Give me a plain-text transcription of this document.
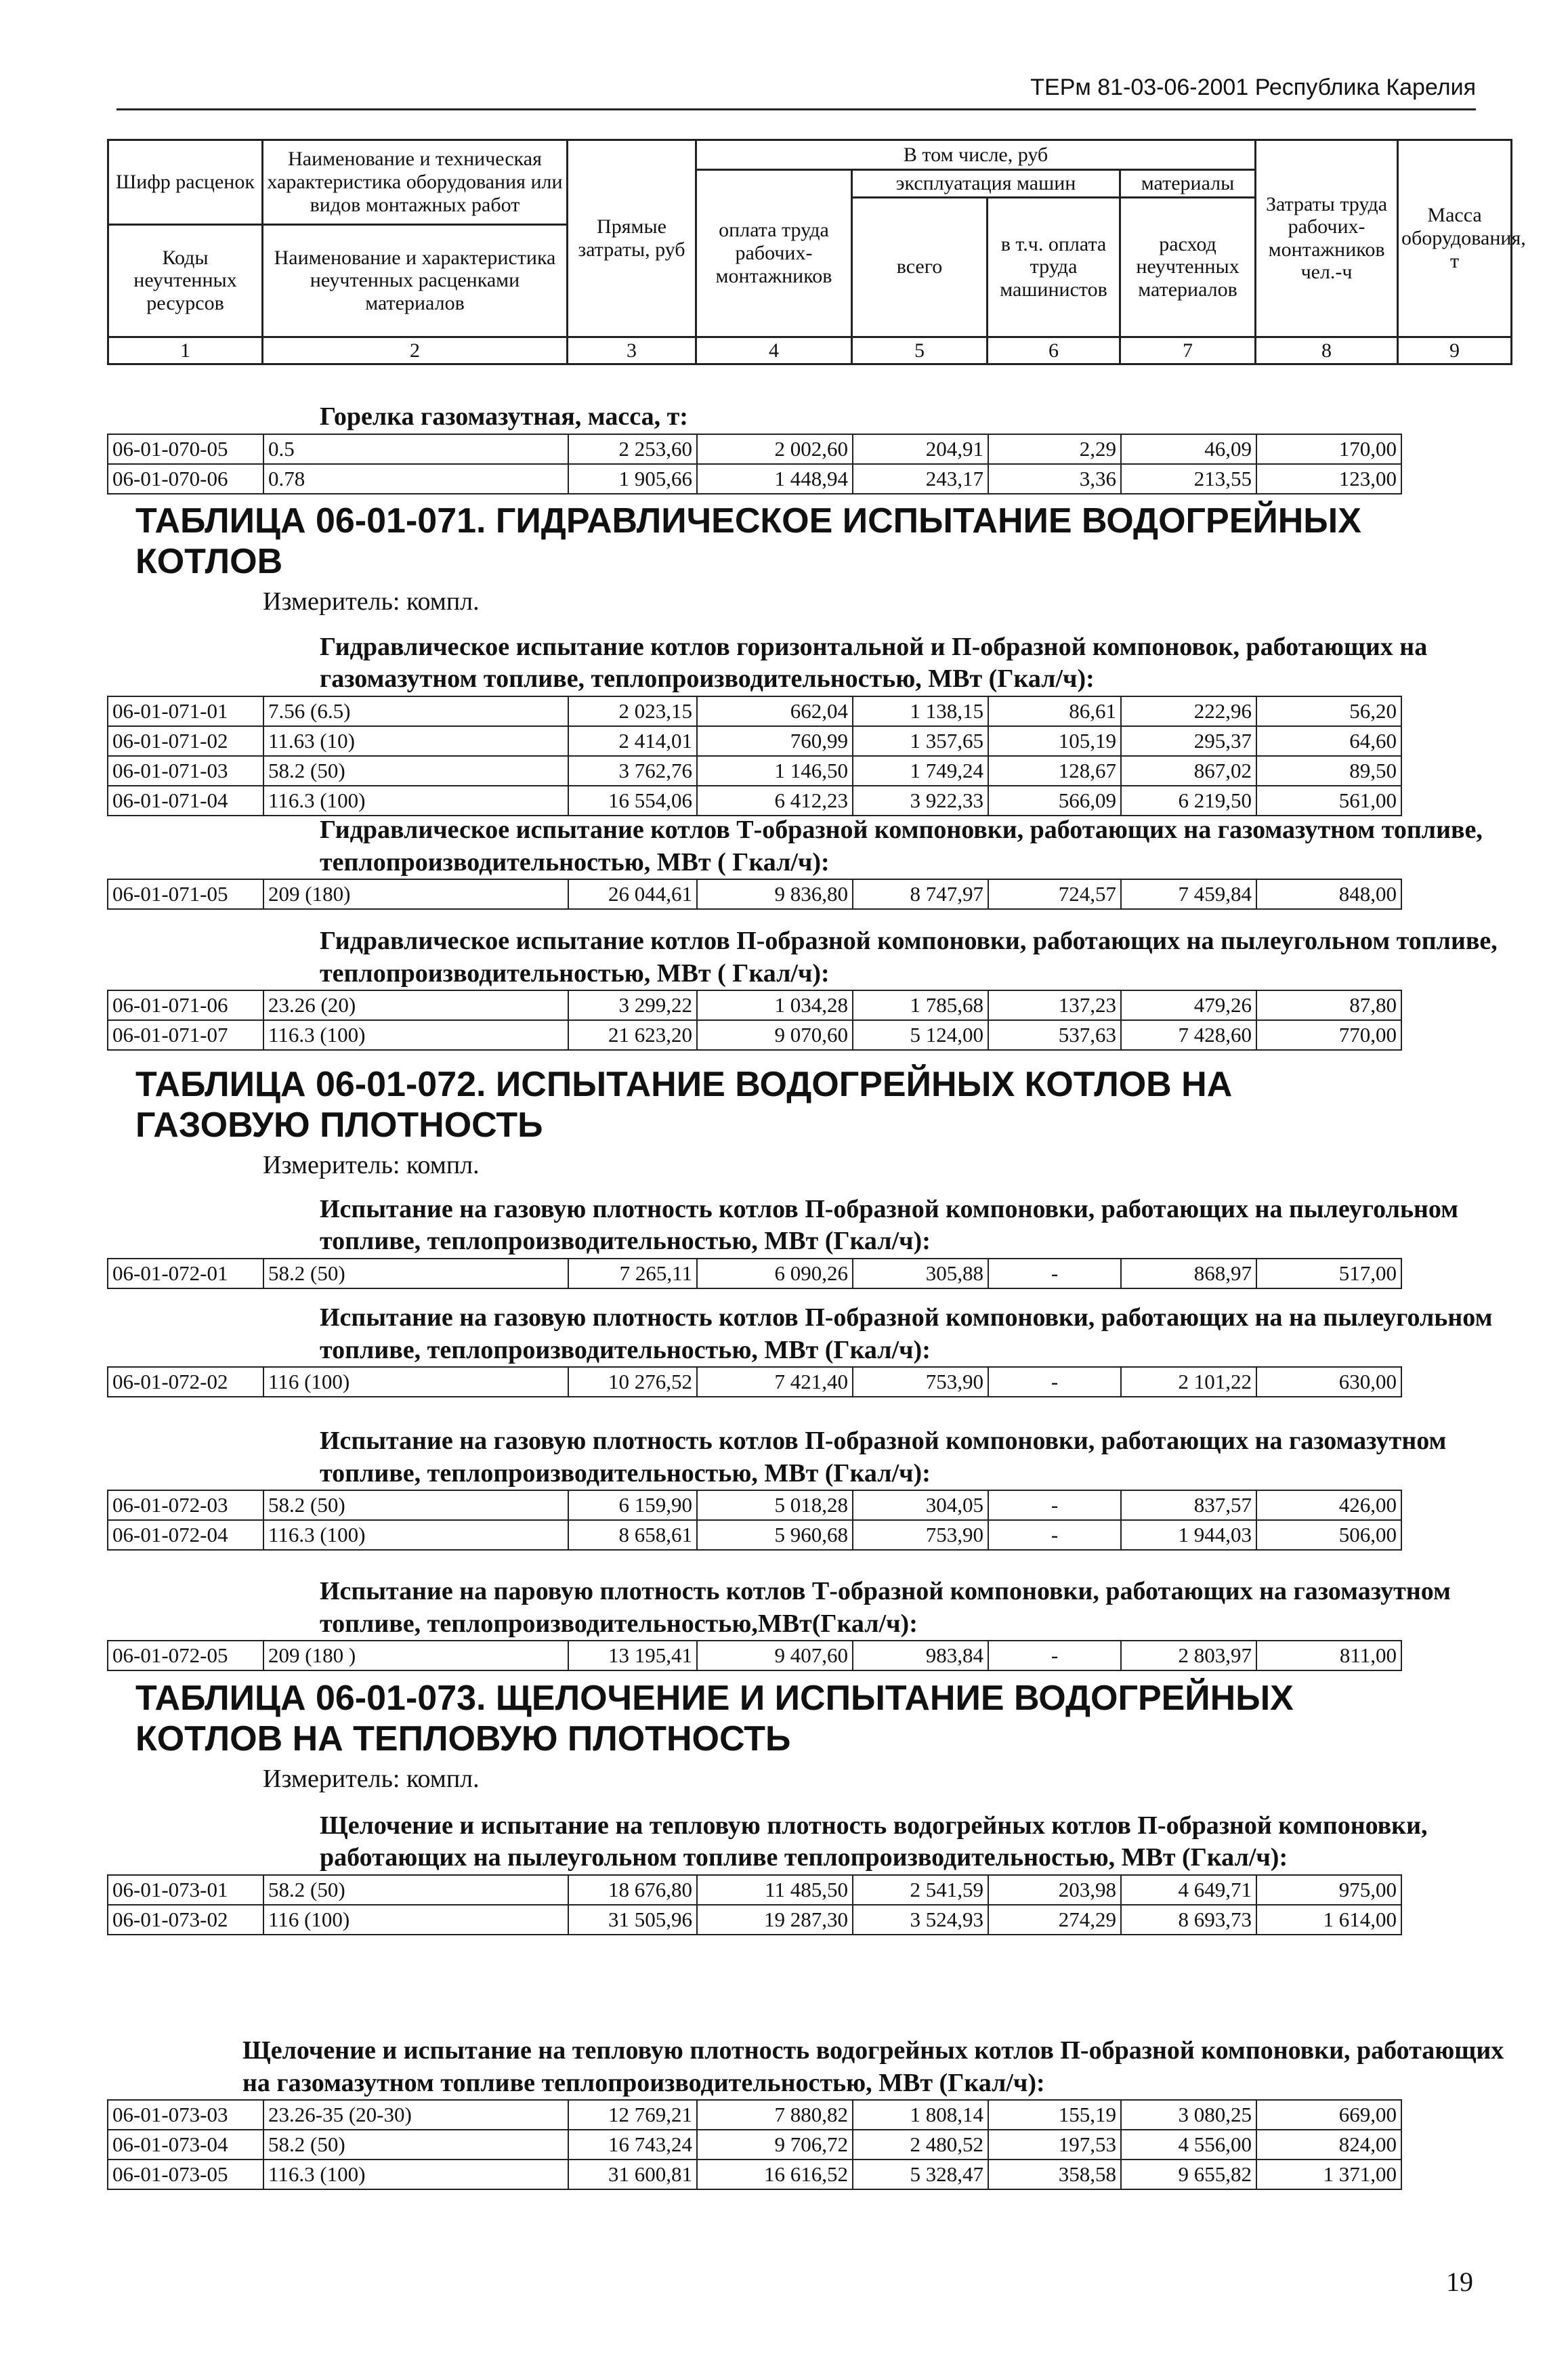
ТЕРм 81-03-06-2001 Республика Карелия
Шифр расценок	Наименование и техническая характеристика оборудования или видов монтажных работ	Прямые затраты, руб	В том числе, руб				Затраты труда рабочих-монтажников чел.-ч	Масса оборудования, т
			оплата труда рабочих-монтажников	эксплуатация машин		материалы		
				всего	в т.ч. оплата труда машинистов	расход неучтенных материалов		
Коды неучтенных ресурсов	Наименование и характеристика неучтенных расценками материалов							

1	2	3	4	5	6	7	8	9
Горелка газомазутная, масса, т:
06-01-070-05	0.5	2 253,60	2 002,60	204,91	2,29	46,09	170,00
06-01-070-06	0.78	1 905,66	1 448,94	243,17	3,36	213,55	123,00
ТАБЛИЦА 06-01-071. ГИДРАВЛИЧЕСКОЕ ИСПЫТАНИЕ ВОДОГРЕЙНЫХ КОТЛОВ
Измеритель: компл.
Гидравлическое испытание котлов горизонтальной и П-образной компоновок, работающих на газомазутном топливе, теплопроизводительностью, МВт (Гкал/ч):
06-01-071-01	7.56 (6.5)	2 023,15	662,04	1 138,15	86,61	222,96	56,20
06-01-071-02	11.63 (10)	2 414,01	760,99	1 357,65	105,19	295,37	64,60
06-01-071-03	58.2 (50)	3 762,76	1 146,50	1 749,24	128,67	867,02	89,50
06-01-071-04	116.3 (100)	16 554,06	6 412,23	3 922,33	566,09	6 219,50	561,00
Гидравлическое испытание котлов Т-образной компоновки, работающих на газомазутном топливе, теплопроизводительностью, МВт ( Гкал/ч):
06-01-071-05	209 (180)	26 044,61	9 836,80	8 747,97	724,57	7 459,84	848,00
Гидравлическое испытание котлов П-образной компоновки, работающих на пылеугольном топливе, теплопроизводительностью, МВт ( Гкал/ч):
06-01-071-06	23.26 (20)	3 299,22	1 034,28	1 785,68	137,23	479,26	87,80
06-01-071-07	116.3 (100)	21 623,20	9 070,60	5 124,00	537,63	7 428,60	770,00
ТАБЛИЦА 06-01-072. ИСПЫТАНИЕ ВОДОГРЕЙНЫХ КОТЛОВ НА ГАЗОВУЮ ПЛОТНОСТЬ
Измеритель: компл.
Испытание на газовую плотность котлов П-образной компоновки, работающих на пылеугольном топливе, теплопроизводительностью, МВт (Гкал/ч):
06-01-072-01	58.2 (50)	7 265,11	6 090,26	305,88	-	868,97	517,00
Испытание на газовую плотность котлов П-образной компоновки, работающих на на пылеугольном топливе, теплопроизводительностью, МВт (Гкал/ч):
06-01-072-02	116 (100)	10 276,52	7 421,40	753,90	-	2 101,22	630,00
Испытание на газовую плотность котлов П-образной компоновки, работающих на газомазутном топливе, теплопроизводительностью, МВт (Гкал/ч):
06-01-072-03	58.2 (50)	6 159,90	5 018,28	304,05	-	837,57	426,00
06-01-072-04	116.3 (100)	8 658,61	5 960,68	753,90	-	1 944,03	506,00
Испытание на паровую плотность котлов Т-образной компоновки, работающих на газомазутном топливе, теплопроизводительностью,МВт(Гкал/ч):
06-01-072-05	209 (180 )	13 195,41	9 407,60	983,84	-	2 803,97	811,00
ТАБЛИЦА 06-01-073. ЩЕЛОЧЕНИЕ И ИСПЫТАНИЕ ВОДОГРЕЙНЫХ КОТЛОВ НА ТЕПЛОВУЮ ПЛОТНОСТЬ
Измеритель: компл.
Щелочение и испытание на тепловую плотность водогрейных котлов П-образной компоновки, работающих на пылеугольном топливе теплопроизводительностью, МВт (Гкал/ч):
06-01-073-01	58.2 (50)	18 676,80	11 485,50	2 541,59	203,98	4 649,71	975,00
06-01-073-02	116 (100)	31 505,96	19 287,30	3 524,93	274,29	8 693,73	1 614,00
Щелочение и испытание на тепловую плотность водогрейных котлов П-образной компоновки, работающих на газомазутном топливе теплопроизводительностью, МВт (Гкал/ч):
06-01-073-03	23.26-35 (20-30)	12 769,21	7 880,82	1 808,14	155,19	3 080,25	669,00
06-01-073-04	58.2 (50)	16 743,24	9 706,72	2 480,52	197,53	4 556,00	824,00
06-01-073-05	116.3 (100)	31 600,81	16 616,52	5 328,47	358,58	9 655,82	1 371,00
19
